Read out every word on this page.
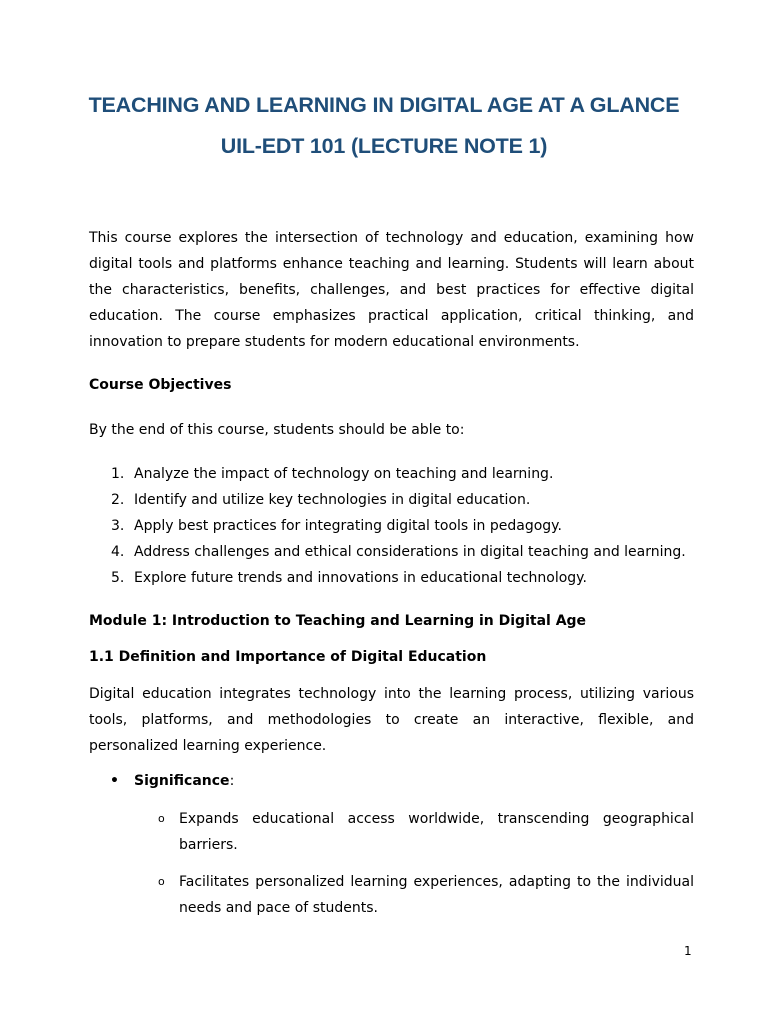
TEACHING AND LEARNING IN DIGITAL AGE AT A GLANCE
UIL-EDT 101 (LECTURE NOTE 1)

This course explores the intersection of technology and education, examining how digital tools and platforms enhance teaching and learning. Students will learn about the characteristics, benefits, challenges, and best practices for effective digital education. The course emphasizes practical application, critical thinking, and innovation to prepare students for modern educational environments.

Course Objectives

By the end of this course, students should be able to:

1. Analyze the impact of technology on teaching and learning.
2. Identify and utilize key technologies in digital education.
3. Apply best practices for integrating digital tools in pedagogy.
4. Address challenges and ethical considerations in digital teaching and learning.
5. Explore future trends and innovations in educational technology.

Module 1: Introduction to Teaching and Learning in Digital Age

1.1 Definition and Importance of Digital Education

Digital education integrates technology into the learning process, utilizing various tools, platforms, and methodologies to create an interactive, flexible, and personalized learning experience.

• Significance:

o Expands educational access worldwide, transcending geographical barriers.
o Facilitates personalized learning experiences, adapting to the individual needs and pace of students.

1
